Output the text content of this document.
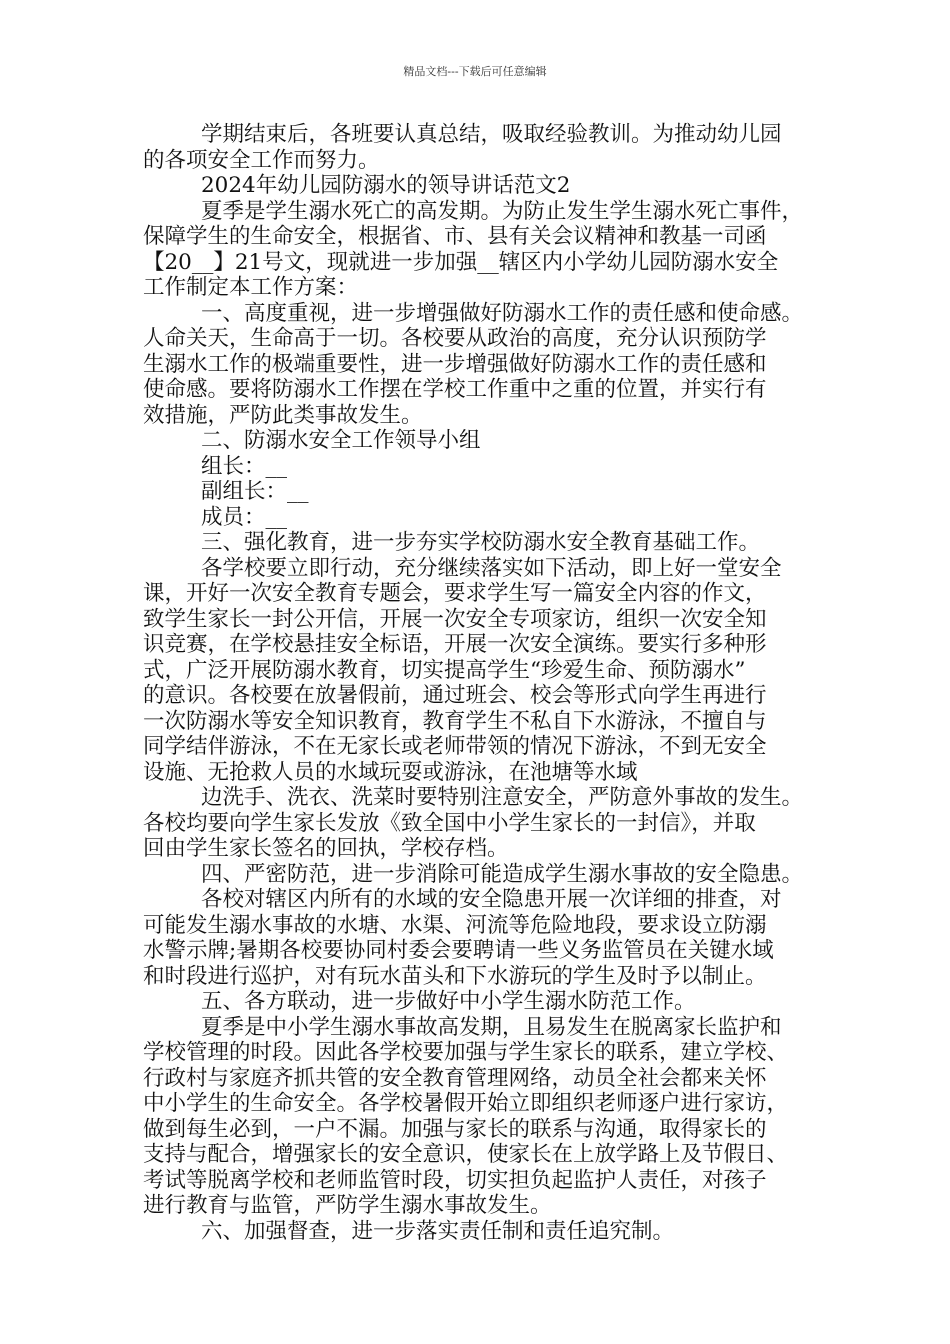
精品文档---下载后可任意编辑
学期结束后，各班要认真总结，吸取经验教训。为推动幼儿园
的各项安全工作而努力。
2024年幼儿园防溺水的领导讲话范文2
夏季是学生溺水死亡的高发期。为防止发生学生溺水死亡事件，
保障学生的生命安全，根据省、市、县有关会议精神和教基一司函
【20__】21号文，现就进一步加强__辖区内小学幼儿园防溺水安全
工作制定本工作方案：
一、高度重视，进一步增强做好防溺水工作的责任感和使命感。
人命关天，生命高于一切。各校要从政治的高度，充分认识预防学
生溺水工作的极端重要性，进一步增强做好防溺水工作的责任感和
使命感。要将防溺水工作摆在学校工作重中之重的位置，并实行有
效措施，严防此类事故发生。
二、防溺水安全工作领导小组
组长：__
副组长：__
成员：__
三、强化教育，进一步夯实学校防溺水安全教育基础工作。
各学校要立即行动，充分继续落实如下活动，即上好一堂安全
课，开好一次安全教育专题会，要求学生写一篇安全内容的作文，
致学生家长一封公开信，开展一次安全专项家访，组织一次安全知
识竞赛，在学校悬挂安全标语，开展一次安全演练。要实行多种形
式，广泛开展防溺水教育，切实提高学生“珍爱生命、预防溺水”
的意识。各校要在放暑假前，通过班会、校会等形式向学生再进行
一次防溺水等安全知识教育，教育学生不私自下水游泳，不擅自与
同学结伴游泳，不在无家长或老师带领的情况下游泳，不到无安全
设施、无抢救人员的水域玩耍或游泳，在池塘等水域
边洗手、洗衣、洗菜时要特别注意安全，严防意外事故的发生。
各校均要向学生家长发放《致全国中小学生家长的一封信》，并取
回由学生家长签名的回执，学校存档。
四、严密防范，进一步消除可能造成学生溺水事故的安全隐患。
各校对辖区内所有的水域的安全隐患开展一次详细的排查，对
可能发生溺水事故的水塘、水渠、河流等危险地段，要求设立防溺
水警示牌;暑期各校要协同村委会要聘请一些义务监管员在关键水域
和时段进行巡护，对有玩水苗头和下水游玩的学生及时予以制止。
五、各方联动，进一步做好中小学生溺水防范工作。
夏季是中小学生溺水事故高发期，且易发生在脱离家长监护和
学校管理的时段。因此各学校要加强与学生家长的联系，建立学校、
行政村与家庭齐抓共管的安全教育管理网络，动员全社会都来关怀
中小学生的生命安全。各学校暑假开始立即组织老师逐户进行家访，
做到每生必到，一户不漏。加强与家长的联系与沟通，取得家长的
支持与配合，增强家长的安全意识，使家长在上放学路上及节假日、
考试等脱离学校和老师监管时段，切实担负起监护人责任，对孩子
进行教育与监管，严防学生溺水事故发生。
六、加强督查，进一步落实责任制和责任追究制。
